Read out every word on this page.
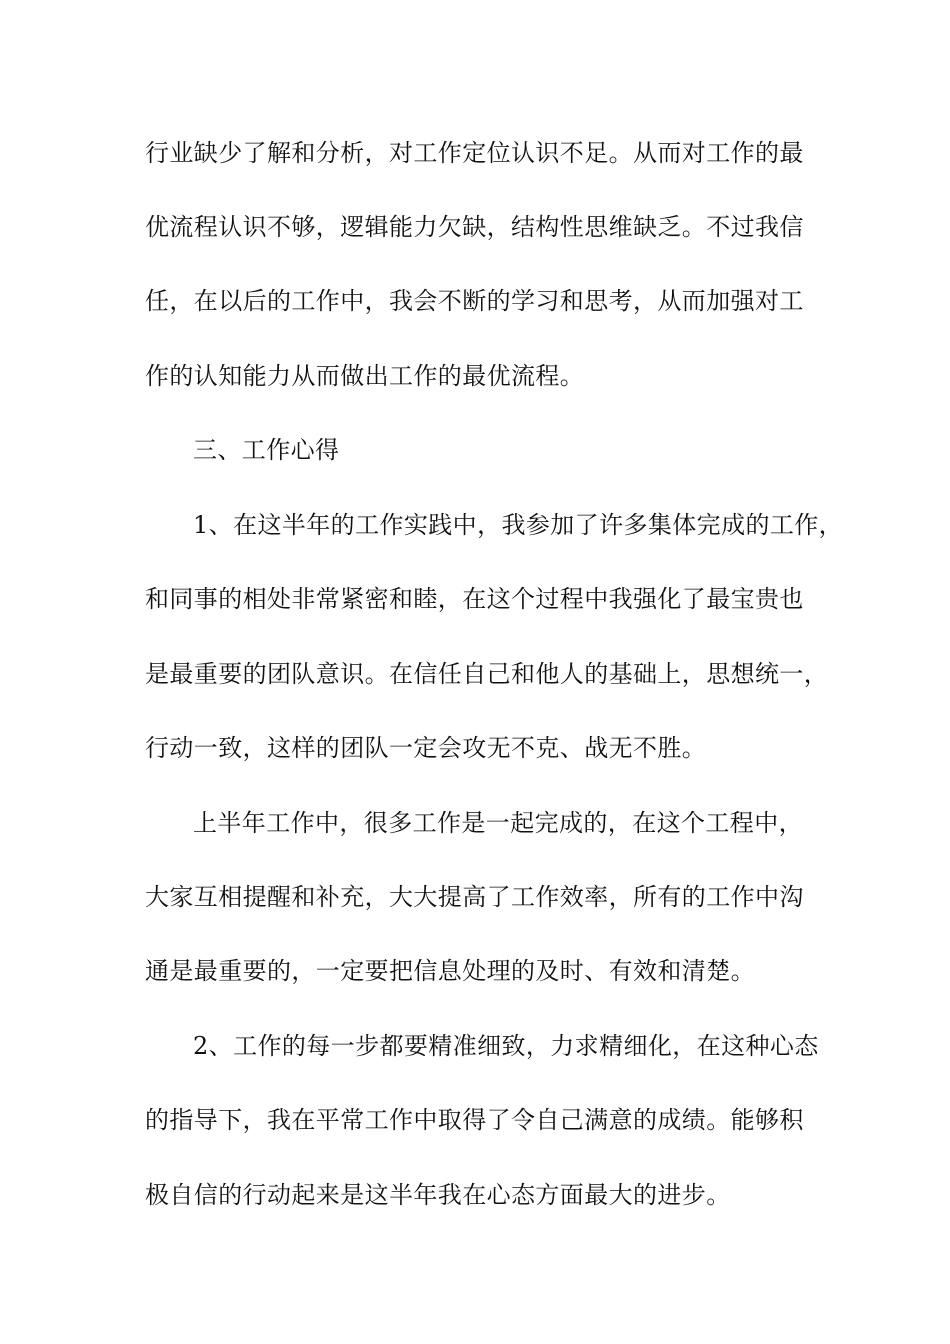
行业缺少了解和分析，对工作定位认识不足。从而对工作的最
优流程认识不够，逻辑能力欠缺，结构性思维缺乏。不过我信
任，在以后的工作中，我会不断的学习和思考，从而加强对工
作的认知能力从而做出工作的最优流程。
三、工作心得
1、在这半年的工作实践中，我参加了许多集体完成的工作，
和同事的相处非常紧密和睦，在这个过程中我强化了最宝贵也
是最重要的团队意识。在信任自己和他人的基础上，思想统一，
行动一致，这样的团队一定会攻无不克、战无不胜。
上半年工作中，很多工作是一起完成的，在这个工程中，
大家互相提醒和补充，大大提高了工作效率，所有的工作中沟
通是最重要的，一定要把信息处理的及时、有效和清楚。
2、工作的每一步都要精准细致，力求精细化，在这种心态
的指导下，我在平常工作中取得了令自己满意的成绩。能够积
极自信的行动起来是这半年我在心态方面最大的进步。
